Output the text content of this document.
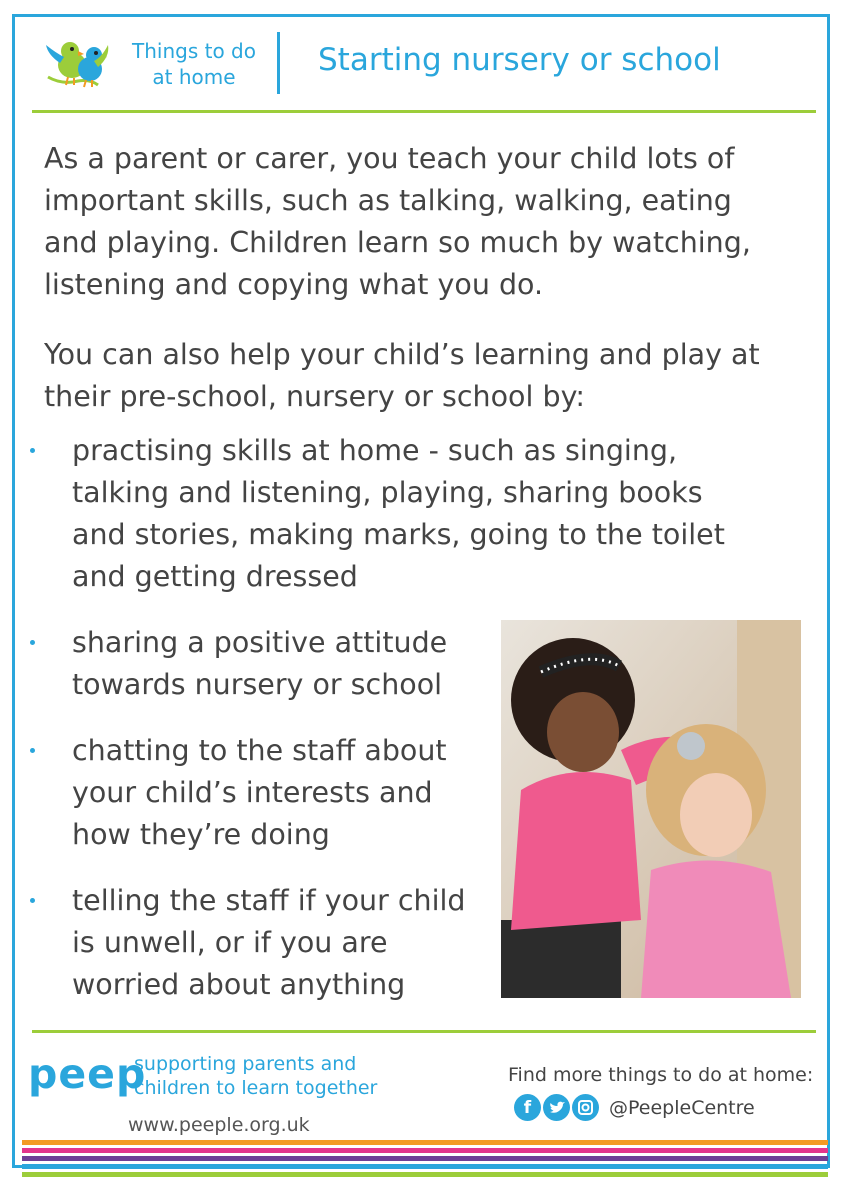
Things to do
at home	Starting nursery or school
As a parent or carer, you teach your child lots of
important skills, such as talking, walking, eating
and playing. Children learn so much by watching,
listening and copying what you do.
You can also help your child’s learning and play at
their pre-school, nursery or school by:
practising skills at home - such as singing,
talking and listening, playing, sharing books
and stories, making marks, going to the toilet
and getting dressed
sharing a positive attitude
towards nursery or school
chatting to the staff about
your child’s interests and
how they’re doing
telling the staff if your child
is unwell, or if you are
worried about anything
peep
supporting parents and
children to learn together
www.peeple.org.uk
Find more things to do at home:
f	@PeepleCentre
